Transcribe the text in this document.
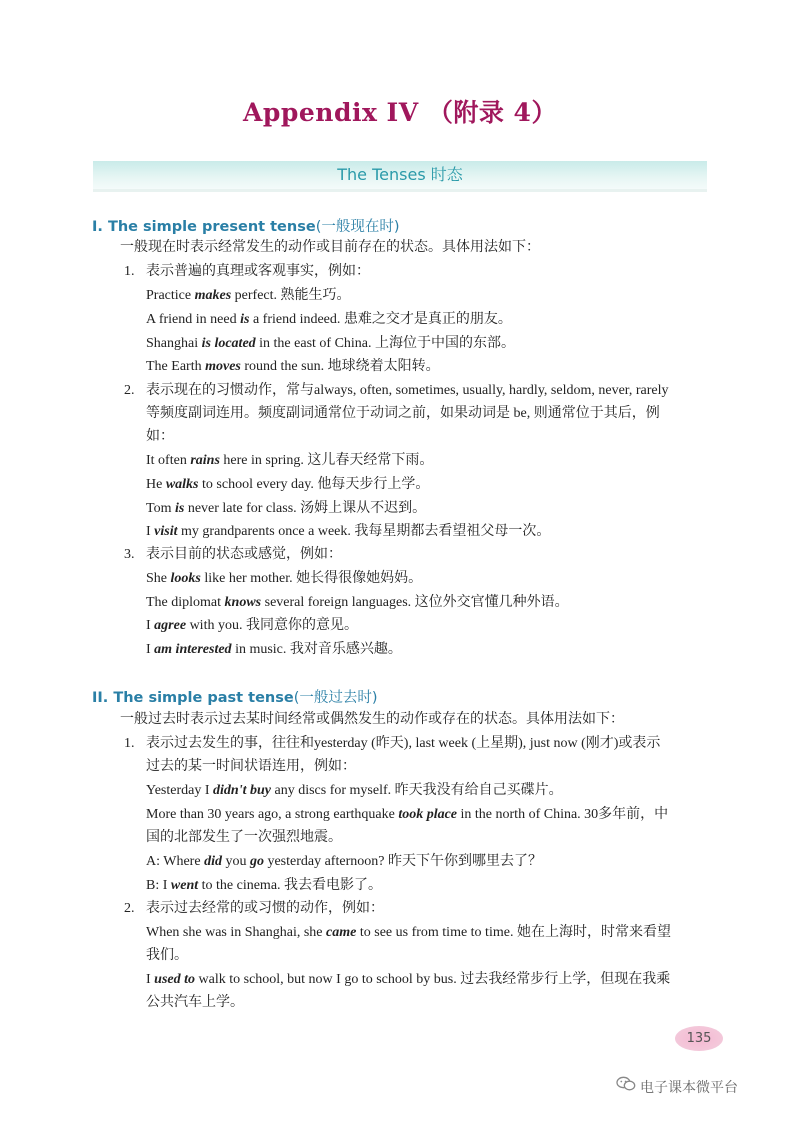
Appendix IV （附录 4）
The Tenses 时态
I. The simple present tense(一般现在时)
一般现在时表示经常发生的动作或目前存在的状态。具体用法如下：
1. 表示普遍的真理或客观事实，例如：
Practice makes perfect. 熟能生巧。
A friend in need is a friend indeed. 患难之交才是真正的朋友。
Shanghai is located in the east of China. 上海位于中国的东部。
The Earth moves round the sun. 地球绕着太阳转。
2. 表示现在的习惯动作，常与always, often, sometimes, usually, hardly, seldom, never, rarely
等频度副词连用。频度副词通常位于动词之前，如果动词是 be, 则通常位于其后，例
如：
It often rains here in spring. 这儿春天经常下雨。
He walks to school every day. 他每天步行上学。
Tom is never late for class. 汤姆上课从不迟到。
I visit my grandparents once a week. 我每星期都去看望祖父母一次。
3. 表示目前的状态或感觉，例如：
She looks like her mother. 她长得很像她妈妈。
The diplomat knows several foreign languages. 这位外交官懂几种外语。
I agree with you. 我同意你的意见。
I am interested in music. 我对音乐感兴趣。
II. The simple past tense(一般过去时)
一般过去时表示过去某时间经常或偶然发生的动作或存在的状态。具体用法如下：
1. 表示过去发生的事，往往和yesterday (昨天), last week (上星期), just now (刚才)或表示
过去的某一时间状语连用，例如：
Yesterday I didn't buy any discs for myself. 昨天我没有给自己买碟片。
More than 30 years ago, a strong earthquake took place in the north of China. 30多年前，中
国的北部发生了一次强烈地震。
A: Where did you go yesterday afternoon? 昨天下午你到哪里去了？
B: I went to the cinema. 我去看电影了。
2. 表示过去经常的或习惯的动作，例如：
When she was in Shanghai, she came to see us from time to time. 她在上海时，时常来看望
我们。
I used to walk to school, but now I go to school by bus. 过去我经常步行上学，但现在我乘
公共汽车上学。
135
电子课本微平台
